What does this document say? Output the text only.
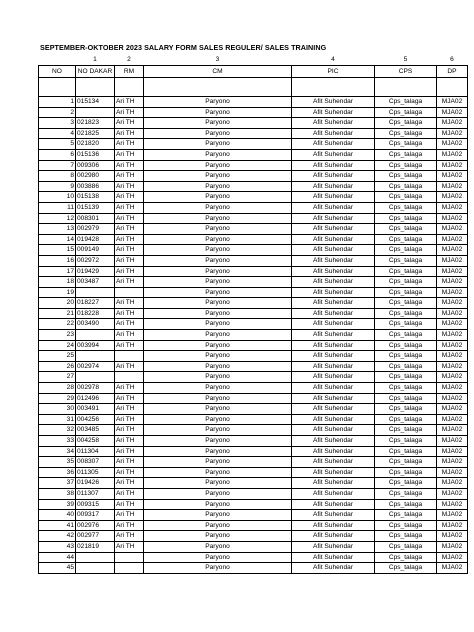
SEPTEMBER-OKTOBER 2023 SALARY FORM SALES REGULER/ SALES TRAINING
	1	2	3	4	5	6
NO	NO DAKAR	RM	CM	PIC	CPS	DP

1	015134	Ari TH	Paryono	Afit Suhendar	Cps_talaga	MJA02
2		Ari TH	Paryono	Afit Suhendar	Cps_talaga	MJA02
3	021823	Ari TH	Paryono	Afit Suhendar	Cps_talaga	MJA02
4	021825	Ari TH	Paryono	Afit Suhendar	Cps_talaga	MJA02
5	021820	Ari TH	Paryono	Afit Suhendar	Cps_talaga	MJA02
6	015136	Ari TH	Paryono	Afit Suhendar	Cps_talaga	MJA02
7	009306	Ari TH	Paryono	Afit Suhendar	Cps_talaga	MJA02
8	002980	Ari TH	Paryono	Afit Suhendar	Cps_talaga	MJA02
9	003886	Ari TH	Paryono	Afit Suhendar	Cps_talaga	MJA02
10	015138	Ari TH	Paryono	Afit Suhendar	Cps_talaga	MJA02
11	015139	Ari TH	Paryono	Afit Suhendar	Cps_talaga	MJA02
12	008301	Ari TH	Paryono	Afit Suhendar	Cps_talaga	MJA02
13	002979	Ari TH	Paryono	Afit Suhendar	Cps_talaga	MJA02
14	019428	Ari TH	Paryono	Afit Suhendar	Cps_talaga	MJA02
15	009149	Ari TH	Paryono	Afit Suhendar	Cps_talaga	MJA02
16	002972	Ari TH	Paryono	Afit Suhendar	Cps_talaga	MJA02
17	019429	Ari TH	Paryono	Afit Suhendar	Cps_talaga	MJA02
18	003487	Ari TH	Paryono	Afit Suhendar	Cps_talaga	MJA02
19			Paryono	Afit Suhendar	Cps_talaga	MJA02
20	018227	Ari TH	Paryono	Afit Suhendar	Cps_talaga	MJA02
21	018228	Ari TH	Paryono	Afit Suhendar	Cps_talaga	MJA02
22	003490	Ari TH	Paryono	Afit Suhendar	Cps_talaga	MJA02
23		Ari TH	Paryono	Afit Suhendar	Cps_talaga	MJA02
24	003994	Ari TH	Paryono	Afit Suhendar	Cps_talaga	MJA02
25			Paryono	Afit Suhendar	Cps_talaga	MJA02
26	002974	Ari TH	Paryono	Afit Suhendar	Cps_talaga	MJA02
27			Paryono	Afit Suhendar	Cps_talaga	MJA02
28	002978	Ari TH	Paryono	Afit Suhendar	Cps_talaga	MJA02
29	012496	Ari TH	Paryono	Afit Suhendar	Cps_talaga	MJA02
30	003491	Ari TH	Paryono	Afit Suhendar	Cps_talaga	MJA02
31	004256	Ari TH	Paryono	Afit Suhendar	Cps_talaga	MJA02
32	003485	Ari TH	Paryono	Afit Suhendar	Cps_talaga	MJA02
33	004258	Ari TH	Paryono	Afit Suhendar	Cps_talaga	MJA02
34	011304	Ari TH	Paryono	Afit Suhendar	Cps_talaga	MJA02
35	008307	Ari TH	Paryono	Afit Suhendar	Cps_talaga	MJA02
36	011305	Ari TH	Paryono	Afit Suhendar	Cps_talaga	MJA02
37	019426	Ari TH	Paryono	Afit Suhendar	Cps_talaga	MJA02
38	011307	Ari TH	Paryono	Afit Suhendar	Cps_talaga	MJA02
39	009315	Ari TH	Paryono	Afit Suhendar	Cps_talaga	MJA02
40	009317	Ari TH	Paryono	Afit Suhendar	Cps_talaga	MJA02
41	002976	Ari TH	Paryono	Afit Suhendar	Cps_talaga	MJA02
42	002977	Ari TH	Paryono	Afit Suhendar	Cps_talaga	MJA02
43	021819	Ari TH	Paryono	Afit Suhendar	Cps_talaga	MJA02
44			Paryono	Afit Suhendar	Cps_talaga	MJA02
45			Paryono	Afit Suhendar	Cps_talaga	MJA02
